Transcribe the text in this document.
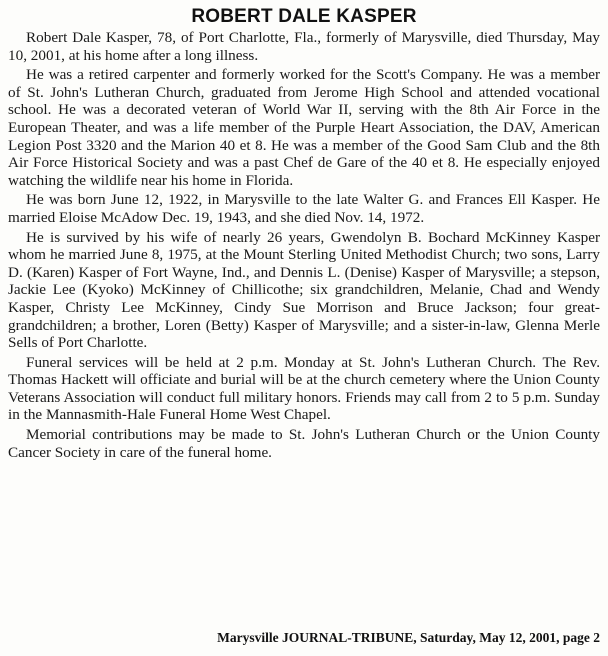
ROBERT DALE KASPER

Robert Dale Kasper, 78, of Port Charlotte, Fla., formerly of Marysville, died Thursday, May 10, 2001, at his home after a long illness.

He was a retired carpenter and formerly worked for the Scott's Company. He was a member of St. John's Lutheran Church, graduated from Jerome High School and attended vocational school. He was a decorated veteran of World War II, serving with the 8th Air Force in the European Theater, and was a life member of the Purple Heart Association, the DAV, American Legion Post 3320 and the Marion 40 et 8. He was a member of the Good Sam Club and the 8th Air Force Historical Society and was a past Chef de Gare of the 40 et 8. He especially enjoyed watching the wildlife near his home in Florida.

He was born June 12, 1922, in Marysville to the late Walter G. and Frances Ell Kasper. He married Eloise McAdow Dec. 19, 1943, and she died Nov. 14, 1972.

He is survived by his wife of nearly 26 years, Gwendolyn B. Bochard McKinney Kasper whom he married June 8, 1975, at the Mount Sterling United Methodist Church; two sons, Larry D. (Karen) Kasper of Fort Wayne, Ind., and Dennis L. (Denise) Kasper of Marysville; a stepson, Jackie Lee (Kyoko) McKinney of Chillicothe; six grandchildren, Melanie, Chad and Wendy Kasper, Christy Lee McKinney, Cindy Sue Morrison and Bruce Jackson; four great-grandchildren; a brother, Loren (Betty) Kasper of Marysville; and a sister-in-law, Glenna Merle Sells of Port Charlotte.

Funeral services will be held at 2 p.m. Monday at St. John's Lutheran Church. The Rev. Thomas Hackett will officiate and burial will be at the church cemetery where the Union County Veterans Association will conduct full military honors. Friends may call from 2 to 5 p.m. Sunday in the Mannasmith-Hale Funeral Home West Chapel.

Memorial contributions may be made to St. John's Lutheran Church or the Union County Cancer Society in care of the funeral home.

Marysville JOURNAL-TRIBUNE, Saturday, May 12, 2001, page 2
